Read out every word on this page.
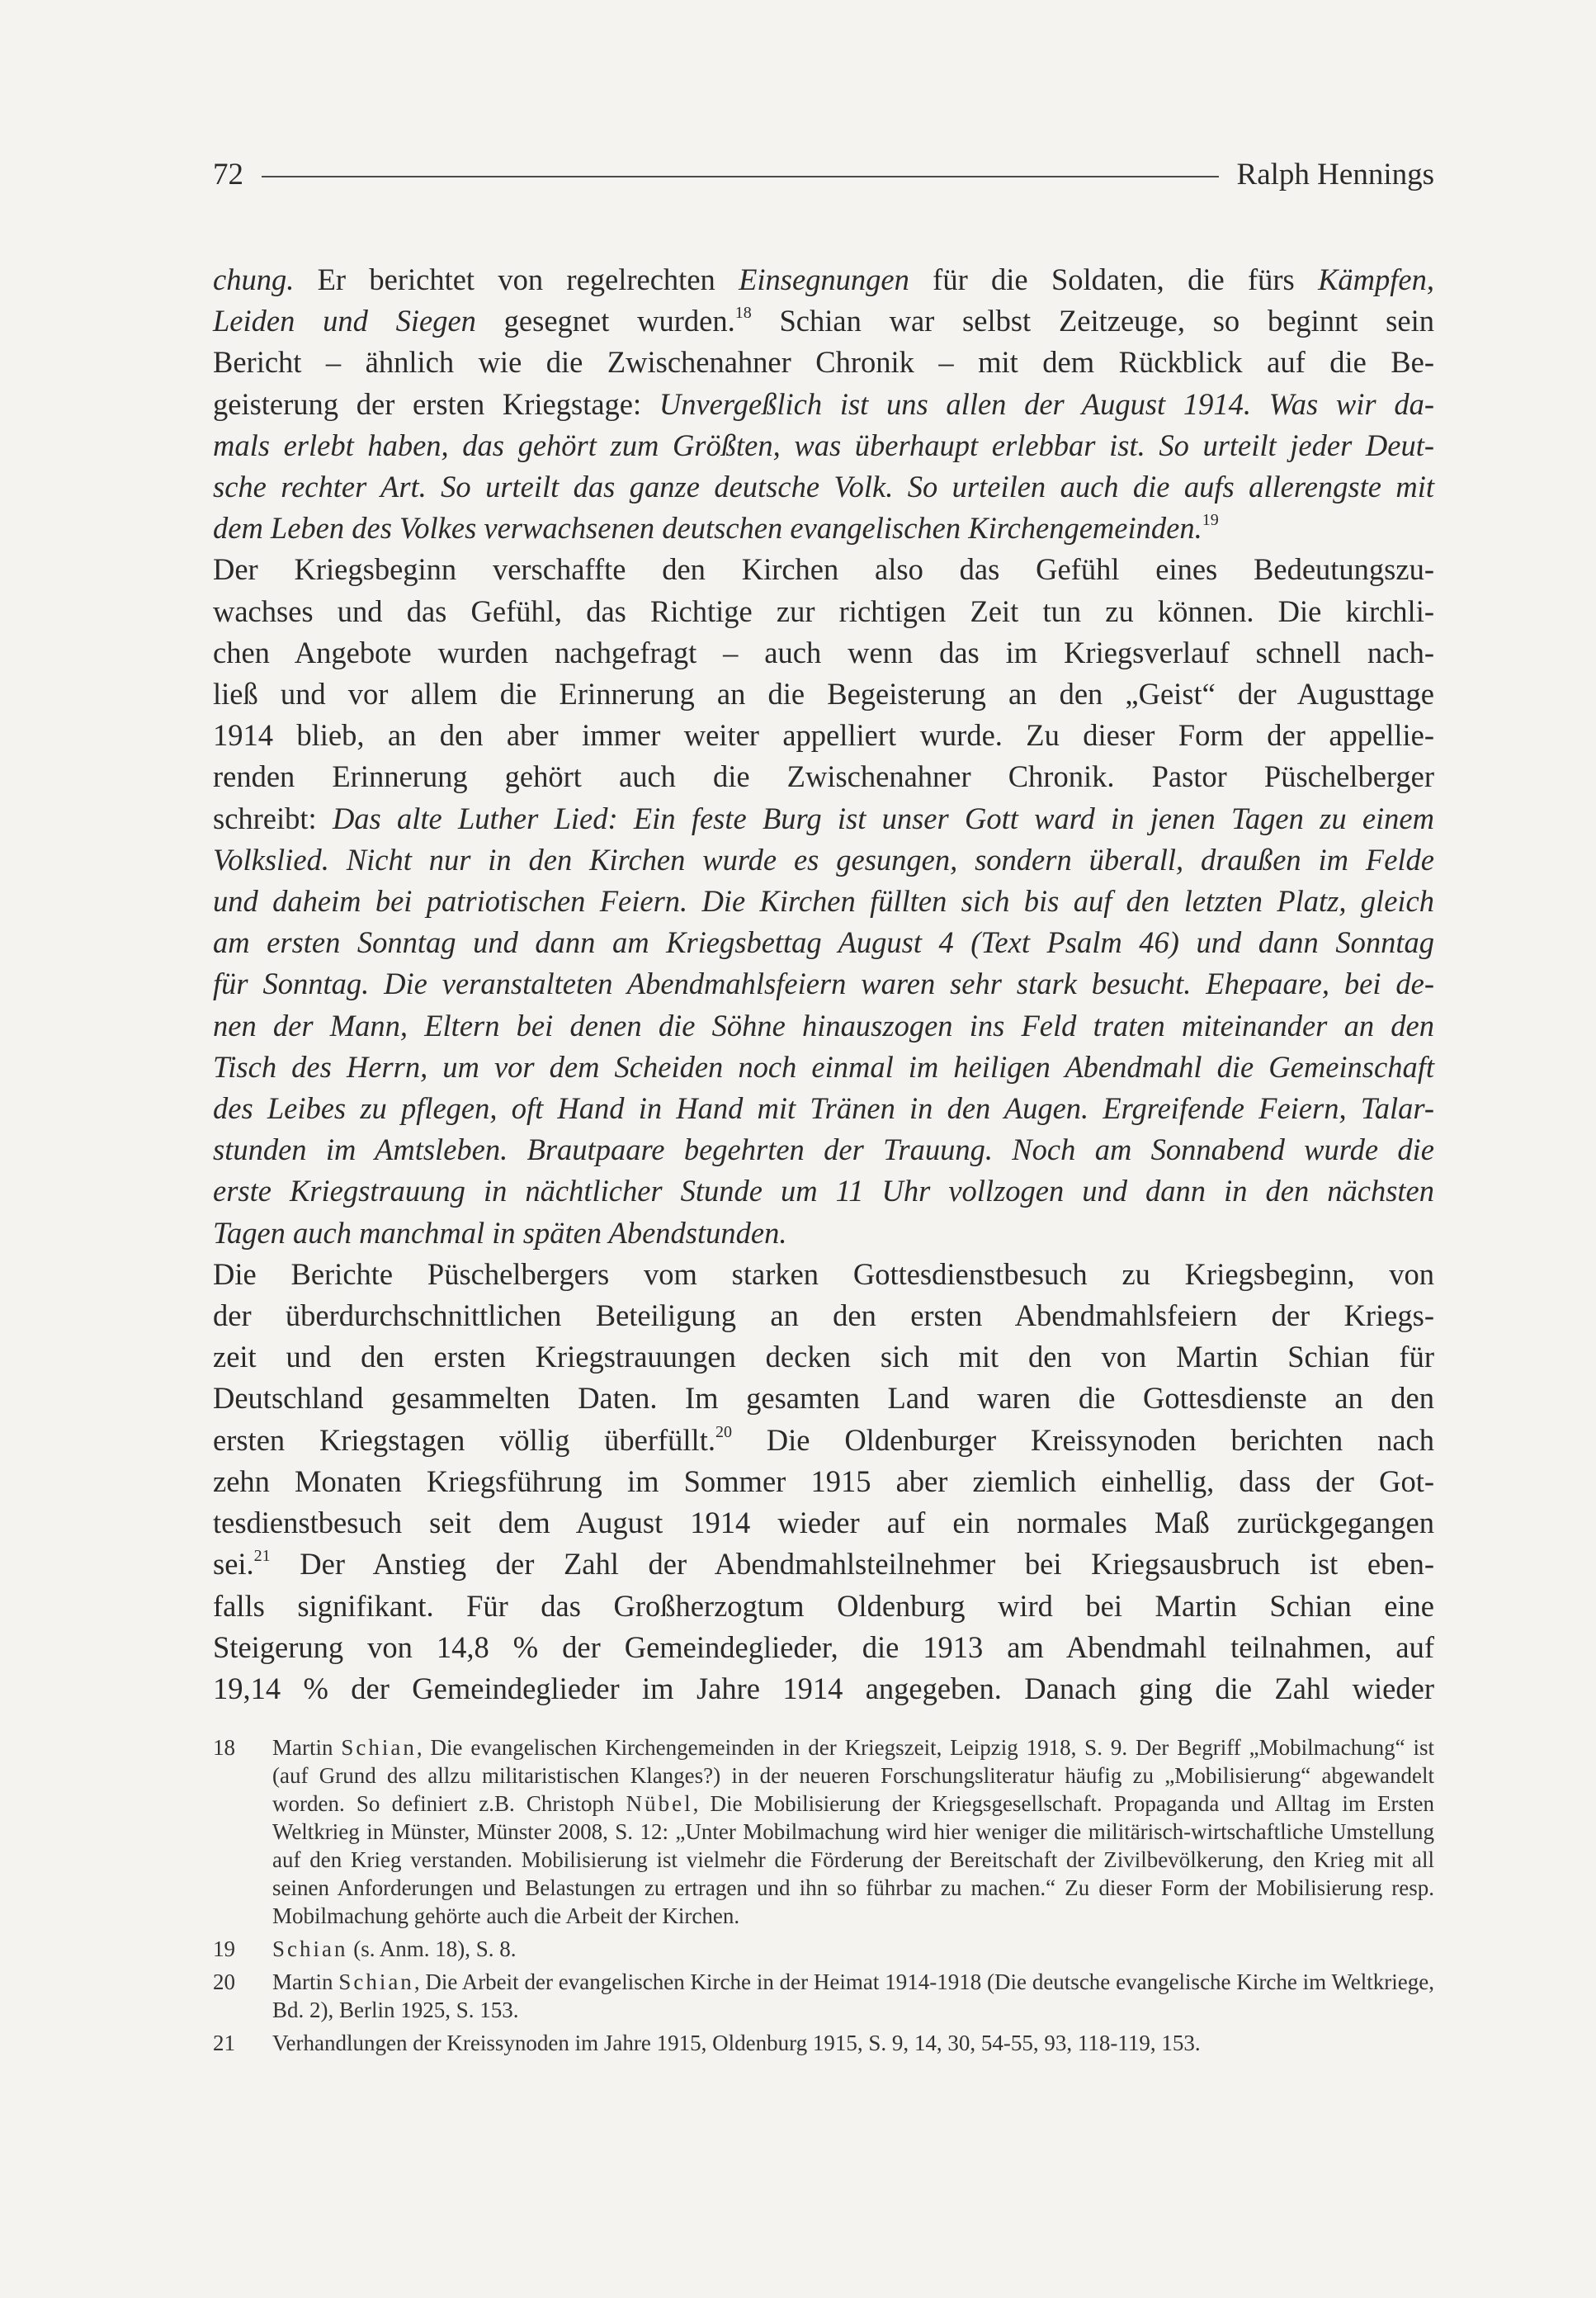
72	Ralph Hennings

chung. Er berichtet von regelrechten Einsegnungen für die Soldaten, die fürs Kämpfen,
Leiden und Siegen gesegnet wurden.$^{18}$ Schian war selbst Zeitzeuge, so beginnt sein
Bericht – ähnlich wie die Zwischenahner Chronik – mit dem Rückblick auf die Be-
geisterung der ersten Kriegstage: Unvergeßlich ist uns allen der August 1914. Was wir da-
mals erlebt haben, das gehört zum Größten, was überhaupt erlebbar ist. So urteilt jeder Deut-
sche rechter Art. So urteilt das ganze deutsche Volk. So urteilen auch die aufs allerengste mit
dem Leben des Volkes verwachsenen deutschen evangelischen Kirchengemeinden.$^{19}$

Der Kriegsbeginn verschaffte den Kirchen also das Gefühl eines Bedeutungszu-
wachses und das Gefühl, das Richtige zur richtigen Zeit tun zu können. Die kirchli-
chen Angebote wurden nachgefragt – auch wenn das im Kriegsverlauf schnell nach-
ließ und vor allem die Erinnerung an die Begeisterung an den „Geist“ der Augusttage
1914 blieb, an den aber immer weiter appelliert wurde. Zu dieser Form der appellie-
renden Erinnerung gehört auch die Zwischenahner Chronik. Pastor Püschelberger
schreibt: Das alte Luther Lied: Ein feste Burg ist unser Gott ward in jenen Tagen zu einem
Volkslied. Nicht nur in den Kirchen wurde es gesungen, sondern überall, draußen im Felde
und daheim bei patriotischen Feiern. Die Kirchen füllten sich bis auf den letzten Platz, gleich
am ersten Sonntag und dann am Kriegsbettag August 4 (Text Psalm 46) und dann Sonntag
für Sonntag. Die veranstalteten Abendmahlsfeiern waren sehr stark besucht. Ehepaare, bei de-
nen der Mann, Eltern bei denen die Söhne hinauszogen ins Feld traten miteinander an den
Tisch des Herrn, um vor dem Scheiden noch einmal im heiligen Abendmahl die Gemeinschaft
des Leibes zu pflegen, oft Hand in Hand mit Tränen in den Augen. Ergreifende Feiern, Talar-
stunden im Amtsleben. Brautpaare begehrten der Trauung. Noch am Sonnabend wurde die
erste Kriegstrauung in nächtlicher Stunde um 11 Uhr vollzogen und dann in den nächsten
Tagen auch manchmal in späten Abendstunden.

Die Berichte Püschelbergers vom starken Gottesdienstbesuch zu Kriegsbeginn, von
der überdurchschnittlichen Beteiligung an den ersten Abendmahlsfeiern der Kriegs-
zeit und den ersten Kriegstrauungen decken sich mit den von Martin Schian für
Deutschland gesammelten Daten. Im gesamten Land waren die Gottesdienste an den
ersten Kriegstagen völlig überfüllt.$^{20}$ Die Oldenburger Kreissynoden berichten nach
zehn Monaten Kriegsführung im Sommer 1915 aber ziemlich einhellig, dass der Got-
tesdienstbesuch seit dem August 1914 wieder auf ein normales Maß zurückgegangen
sei.$^{21}$ Der Anstieg der Zahl der Abendmahlsteilnehmer bei Kriegsausbruch ist eben-
falls signifikant. Für das Großherzogtum Oldenburg wird bei Martin Schian eine
Steigerung von 14,8 % der Gemeindeglieder, die 1913 am Abendmahl teilnahmen, auf
19,14 % der Gemeindeglieder im Jahre 1914 angegeben. Danach ging die Zahl wieder

18	Martin Schian, Die evangelischen Kirchengemeinden in der Kriegszeit, Leipzig 1918, S. 9. Der Begriff „Mobilmachung“ ist (auf Grund des allzu militaristischen Klanges?) in der neueren Forschungsliteratur häufig zu „Mobilisierung“ abgewandelt worden. So definiert z.B. Christoph Nübel, Die Mobilisierung der Kriegsgesellschaft. Propaganda und Alltag im Ersten Weltkrieg in Münster, Münster 2008, S. 12: „Unter Mobilmachung wird hier weniger die militärisch-wirtschaftliche Umstellung auf den Krieg verstanden. Mobilisierung ist vielmehr die Förderung der Bereitschaft der Zivilbevölkerung, den Krieg mit all seinen Anforderungen und Belastungen zu ertragen und ihn so führbar zu machen.“ Zu dieser Form der Mobilisierung resp. Mobilmachung gehörte auch die Arbeit der Kirchen.
19	Schian (s. Anm. 18), S. 8.
20	Martin Schian, Die Arbeit der evangelischen Kirche in der Heimat 1914-1918 (Die deutsche evangelische Kirche im Weltkriege, Bd. 2), Berlin 1925, S. 153.
21	Verhandlungen der Kreissynoden im Jahre 1915, Oldenburg 1915, S. 9, 14, 30, 54-55, 93, 118-119, 153.
